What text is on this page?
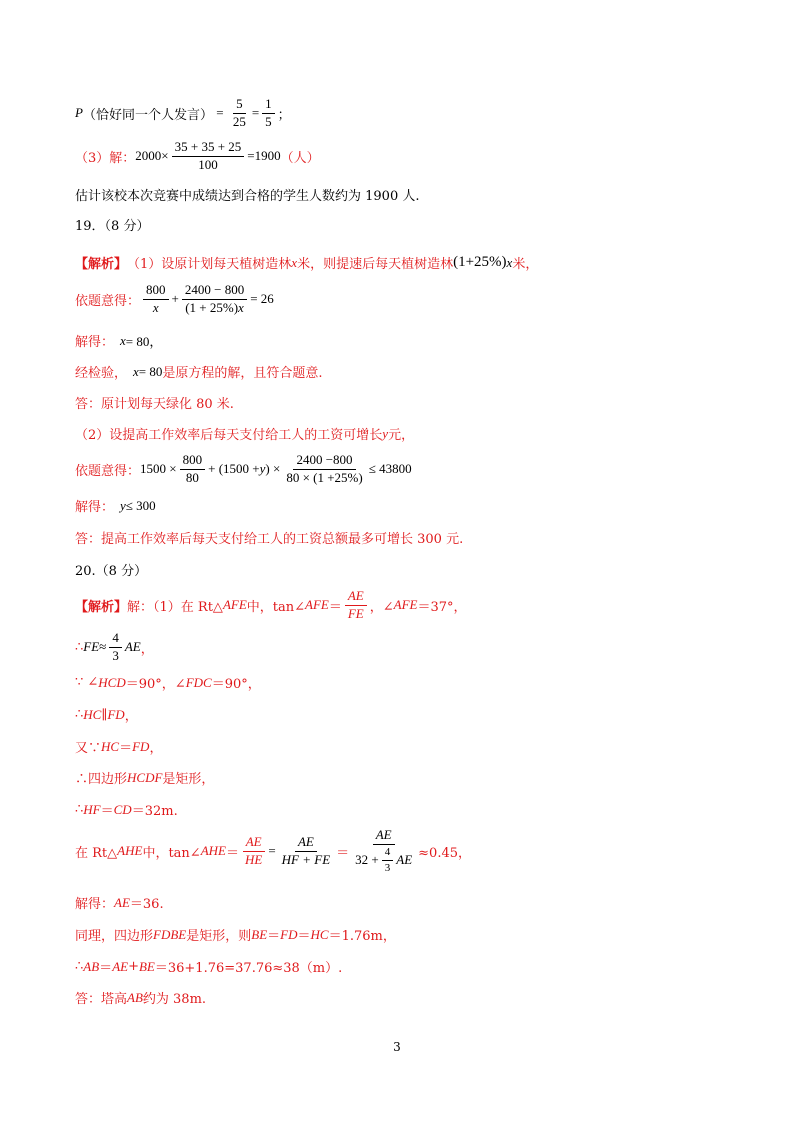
P （恰好同一个人发言） = $\frac{5}{25} = \frac{1}{5}$ ；
（3）解： $2000 \times \frac{35 + 35 + 25}{100} =1900$ （人）
估计该校本次竞赛中成绩达到合格的学生人数约为 1900 人.
19．（8 分）
【解析】 （1）设原计划每天植树造林 x 米，则提速后每天植树造林 (1+25%) x 米，
依题意得： $\frac{800}{x} + \frac{2400 - 800}{(1 + 25\%)x} = 26$
解得： x = 80，
经检验， x = 80 是原方程的解，且符合题意.
答：原计划每天绿化 80 米.
（2）设提高工作效率后每天支付给工人的工资可增长 y 元，
依题意得： $1500 \times \frac{800}{80} + (1500 + y$ ) × $\frac{2400 -800}{80 \times (1 +25\%)} \le 43800$
解得： y ≤ 300
答：提高工作效率后每天支付给工人的工资总额最多可增长 300 元.
20.（8 分）
【解析】 解：（1）在 Rt△ AFE 中，tan∠ AFE ＝ $\frac{AE}{FE}$ ，∠ AFE ＝37°，
∴ FE ≈ $\frac{4}{3}$ AE ，
∵ ∠ HCD ＝90°，∠ FDC ＝90°，
∴ HC ∥ FD ，
又∵ HC ＝ FD ，
∴四边形 HCDF 是矩形，
∴ HF ＝ CD ＝32m.
在 Rt△ AHE 中，tan∠ AHE ＝ $\frac{AE}{HE} = \frac{AE}{HF + FE} = \frac{AE}{32 + \frac{4}{3} AE} \approx 0.45$，
解得： AE ＝36.
同理，四边形 FDBE 是矩形，则 BE ＝ FD ＝ HC ＝1.76m，
∴ AB ＝ AE + BE ＝36+1.76=37.76≈38（m）.
答：塔高 AB 约为 38m.
3
